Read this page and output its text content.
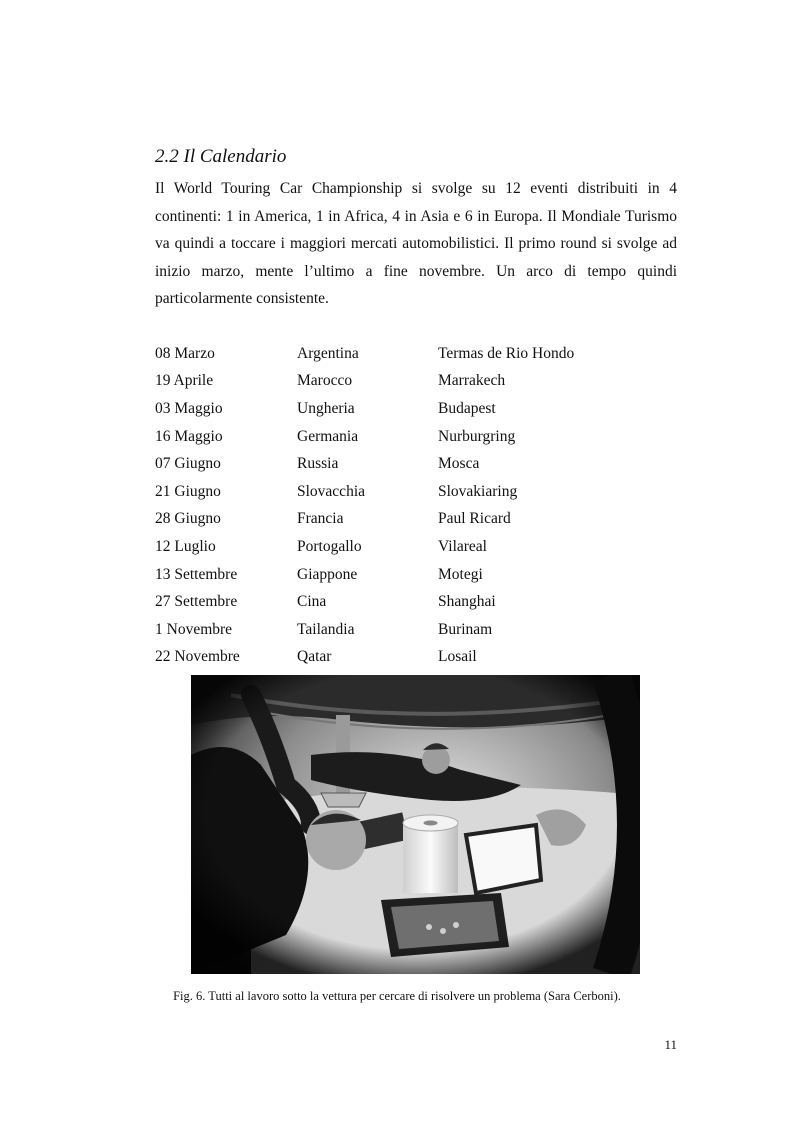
2.2 Il Calendario

Il World Touring Car Championship si svolge su 12 eventi distribuiti in 4 continenti: 1 in America, 1 in Africa, 4 in Asia e 6 in Europa. Il Mondiale Turismo va quindi a toccare i maggiori mercati automobilistici. Il primo round si svolge ad inizio marzo, mente l’ultimo a fine novembre. Un arco di tempo quindi particolarmente consistente.

08 Marzo	Argentina	Termas de Rio Hondo
19 Aprile	Marocco	Marrakech
03 Maggio	Ungheria	Budapest
16 Maggio	Germania	Nurburgring
07 Giugno	Russia	Mosca
21 Giugno	Slovacchia	Slovakiaring
28 Giugno	Francia	Paul Ricard
12 Luglio	Portogallo	Vilareal
13 Settembre	Giappone	Motegi
27 Settembre	Cina	Shanghai
1 Novembre	Tailandia	Burinam
22 Novembre	Qatar	Losail

Fig. 6. Tutti al lavoro sotto la vettura per cercare di risolvere un problema (Sara Cerboni).

11
